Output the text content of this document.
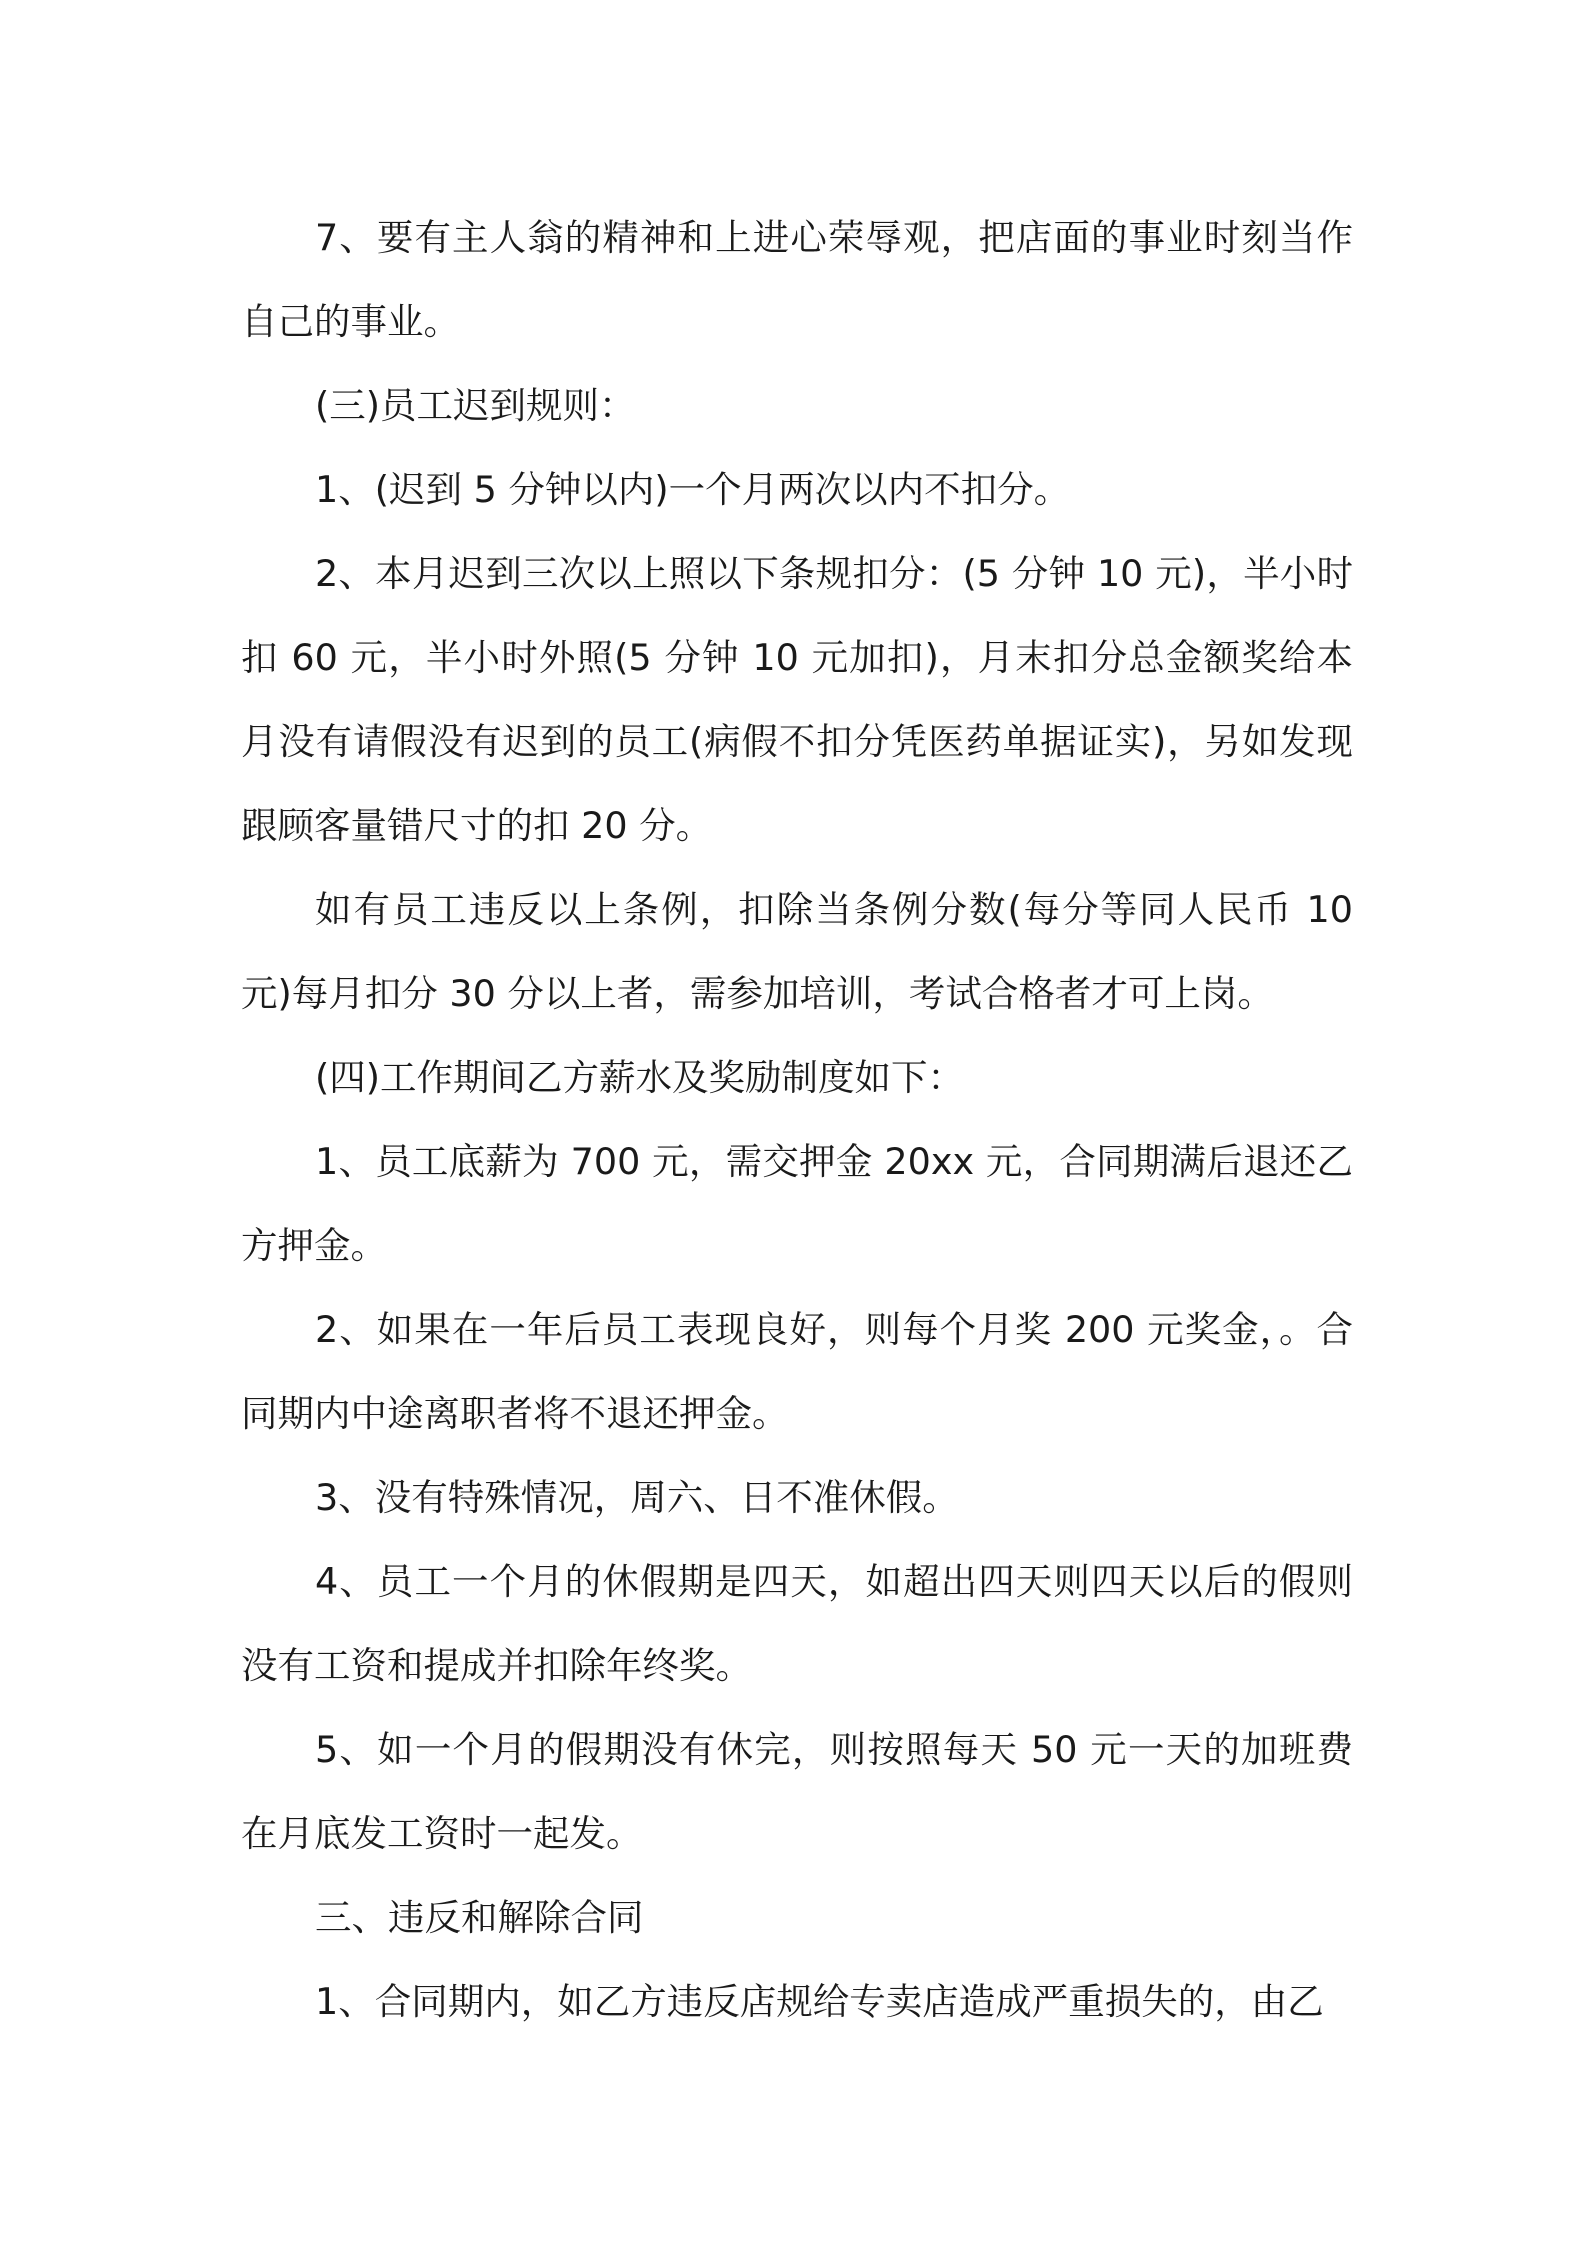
7、要有主人翁的精神和上进心荣辱观，把店面的事业时刻当作自己的事业。

(三)员工迟到规则：

1、(迟到 5 分钟以内)一个月两次以内不扣分。

2、本月迟到三次以上照以下条规扣分：(5 分钟 10 元)，半小时扣 60 元，半小时外照(5 分钟 10 元加扣)，月末扣分总金额奖给本月没有请假没有迟到的员工(病假不扣分凭医药单据证实)，另如发现跟顾客量错尺寸的扣 20 分。

如有员工违反以上条例，扣除当条例分数(每分等同人民币 10 元)每月扣分 30 分以上者，需参加培训，考试合格者才可上岗。

(四)工作期间乙方薪水及奖励制度如下：

1、员工底薪为 700 元，需交押金 20xx 元，合同期满后退还乙方押金。

2、如果在一年后员工表现良好，则每个月奖 200 元奖金，。合同期内中途离职者将不退还押金。

3、没有特殊情况，周六、日不准休假。

4、员工一个月的休假期是四天，如超出四天则四天以后的假则没有工资和提成并扣除年终奖。

5、如一个月的假期没有休完，则按照每天 50 元一天的加班费在月底发工资时一起发。

三、违反和解除合同

1、合同期内，如乙方违反店规给专卖店造成严重损失的，由乙
